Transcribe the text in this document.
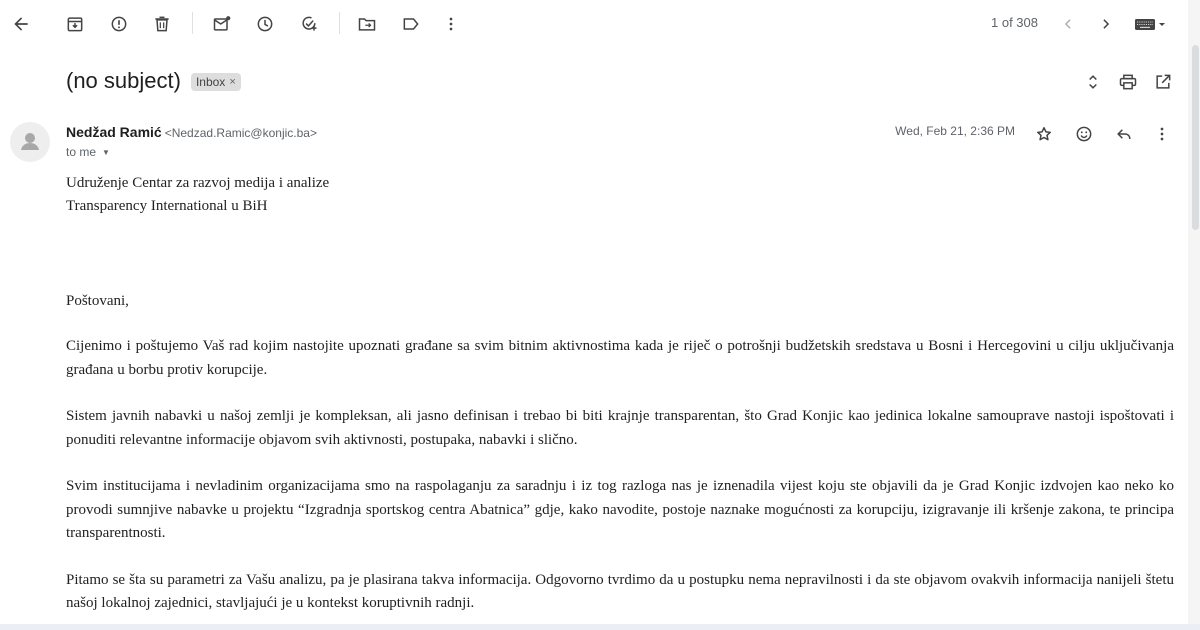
1 of 308
(no subject) Inbox ×
Nedžad Ramić <Nedzad.Ramic@konjic.ba>
to me ▼
Wed, Feb 21, 2:36 PM
Udruženje Centar za razvoj medija i analize
Transparency International u BiH
Poštovani,

Cijenimo i poštujemo Vaš rad kojim nastojite upoznati građane sa svim bitnim aktivnostima kada je riječ o potrošnji budžetskih sredstava u Bosni i Hercegovini u cilju uključivanja građana u borbu protiv korupcije.

Sistem javnih nabavki u našoj zemlji je kompleksan, ali jasno definisan i trebao bi biti krajnje transparentan, što Grad Konjic kao jedinica lokalne samouprave nastoji ispoštovati i ponuditi relevantne informacije objavom svih aktivnosti, postupaka, nabavki i slično.

Svim institucijama i nevladinim organizacijama smo na raspolaganju za saradnju i iz tog razloga nas je iznenadila vijest koju ste objavili da je Grad Konjic izdvojen kao neko ko provodi sumnjive nabavke u projektu “Izgradnja sportskog centra Abatnica” gdje, kako navodite, postoje naznake mogućnosti za korupciju, izigravanje ili kršenje zakona, te principa transparentnosti.

Pitamo se šta su parametri za Vašu analizu, pa je plasirana takva informacija. Odgovorno tvrdimo da u postupku nema nepravilnosti i da ste objavom ovakvih informacija nanijeli štetu našoj lokalnoj zajednici, stavljajući je u kontekst koruptivnih radnji.
